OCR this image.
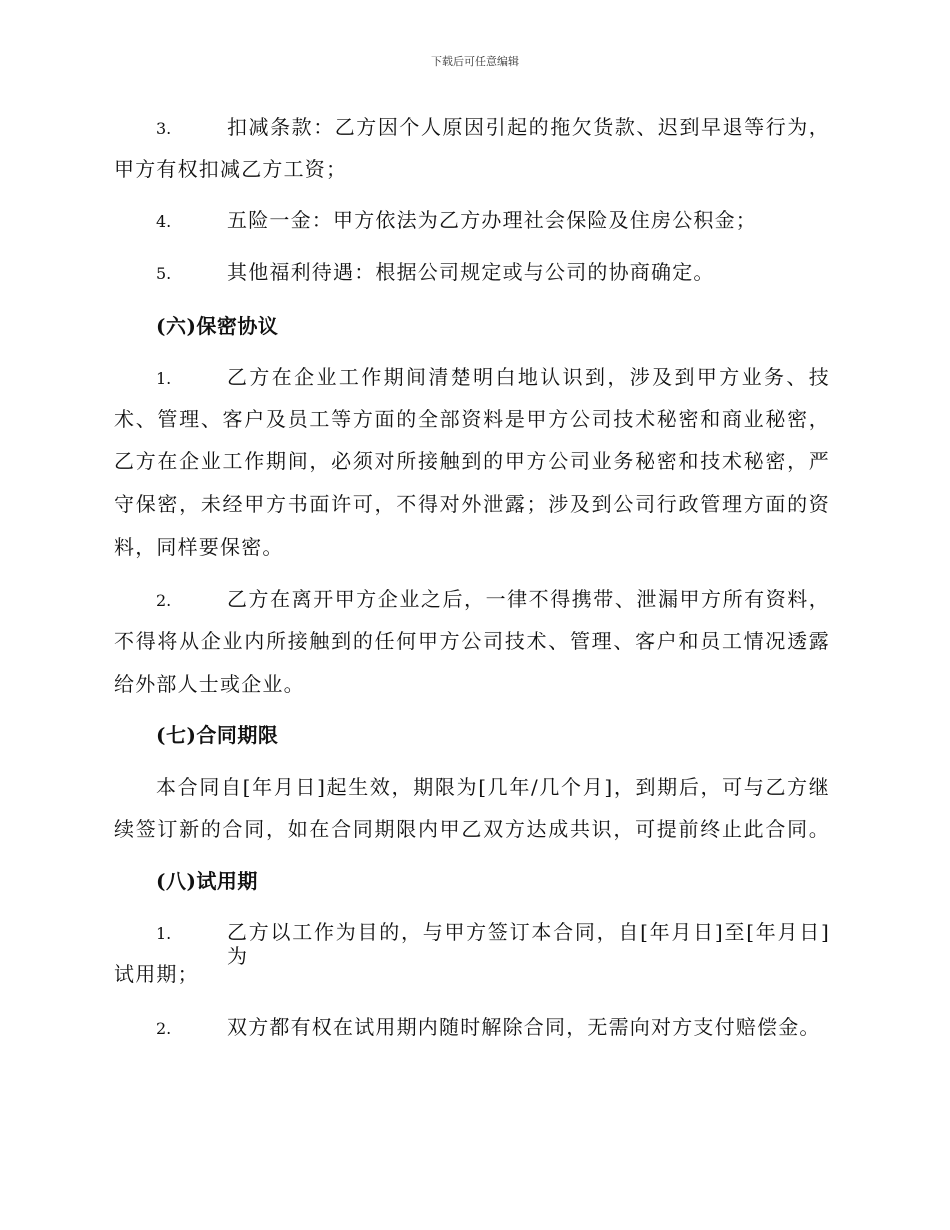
下载后可任意编辑
3.	扣减条款：乙方因个人原因引起的拖欠货款、迟到早退等行为，
甲方有权扣减乙方工资；
4.	五险一金：甲方依法为乙方办理社会保险及住房公积金；
5.	其他福利待遇：根据公司规定或与公司的协商确定。
(六)保密协议
1.	乙方在企业工作期间清楚明白地认识到，涉及到甲方业务、技
术、管理、客户及员工等方面的全部资料是甲方公司技术秘密和商业秘密，
乙方在企业工作期间，必须对所接触到的甲方公司业务秘密和技术秘密，严
守保密，未经甲方书面许可，不得对外泄露；涉及到公司行政管理方面的资
料，同样要保密。
2.	乙方在离开甲方企业之后，一律不得携带、泄漏甲方所有资料，
不得将从企业内所接触到的任何甲方公司技术、管理、客户和员工情况透露
给外部人士或企业。
(七)合同期限
本合同自[年月日]起生效，期限为[几年/几个月]，到期后，可与乙方继
续签订新的合同，如在合同期限内甲乙双方达成共识，可提前终止此合同。
(八)试用期
1.	乙方以工作为目的，与甲方签订本合同，自[年月日]至[年月日]为
试用期；
2.	双方都有权在试用期内随时解除合同，无需向对方支付赔偿金。
